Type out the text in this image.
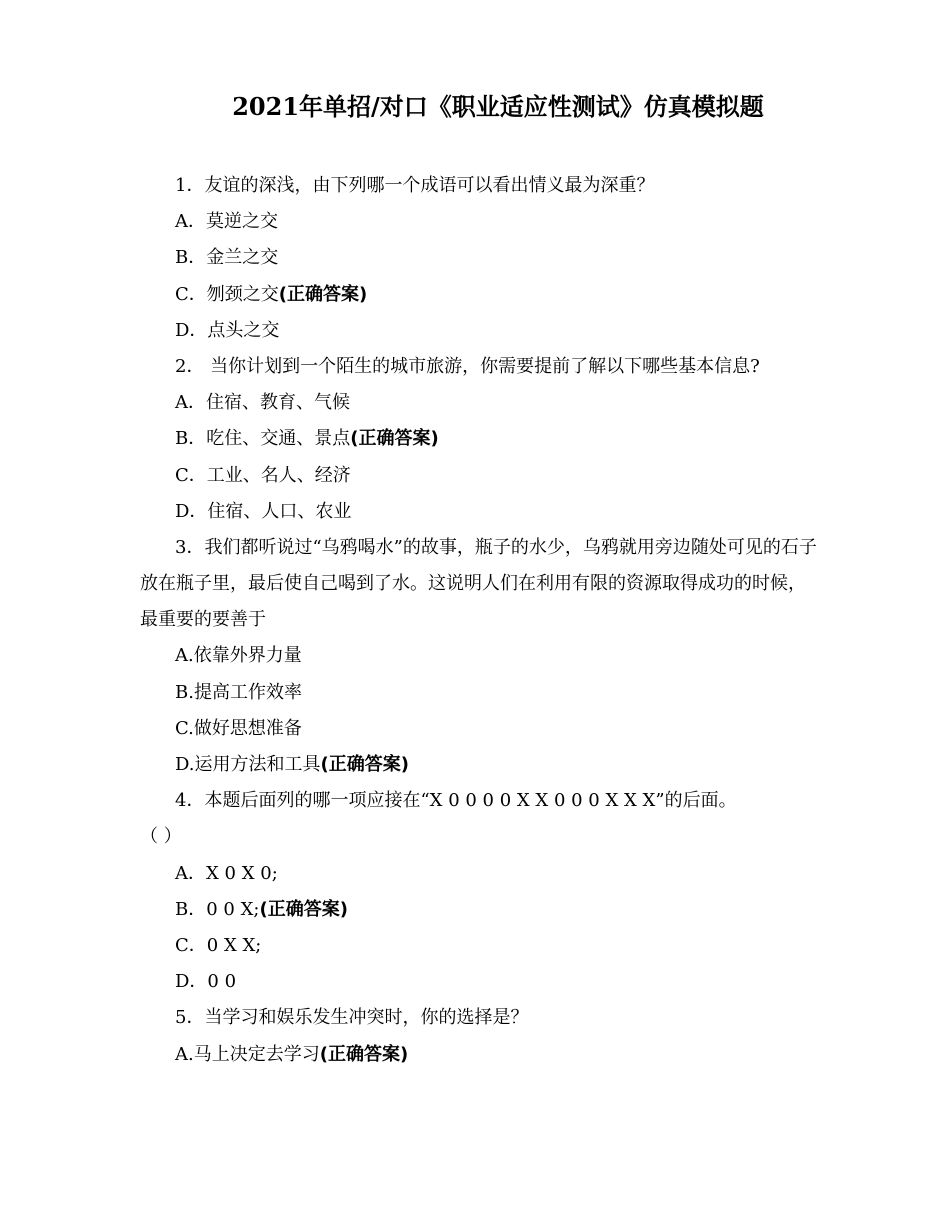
2021年单招/对口《职业适应性测试》仿真模拟题
1．友谊的深浅，由下列哪一个成语可以看出情义最为深重？
A．莫逆之交
B．金兰之交
C．刎颈之交(正确答案)
D．点头之交
2． 当你计划到一个陌生的城市旅游，你需要提前了解以下哪些基本信息?
A．住宿、教育、气候
B．吃住、交通、景点(正确答案)
C．工业、名人、经济
D．住宿、人口、农业
3．我们都听说过“乌鸦喝水”的故事，瓶子的水少，乌鸦就用旁边随处可见的石子放在瓶子里，最后使自己喝到了水。这说明人们在利用有限的资源取得成功的时候，最重要的要善于
A.依靠外界力量
B.提高工作效率
C.做好思想准备
D.运用方法和工具(正确答案)
4．本题后面列的哪一项应接在“X 0 0 0 0 X X 0 0 0 X X X”的后面。
（ ）
A．X 0 X 0;
B．0 0 X;(正确答案)
C．0 X X;
D．0 0
5．当学习和娱乐发生冲突时，你的选择是？
A.马上决定去学习(正确答案)
